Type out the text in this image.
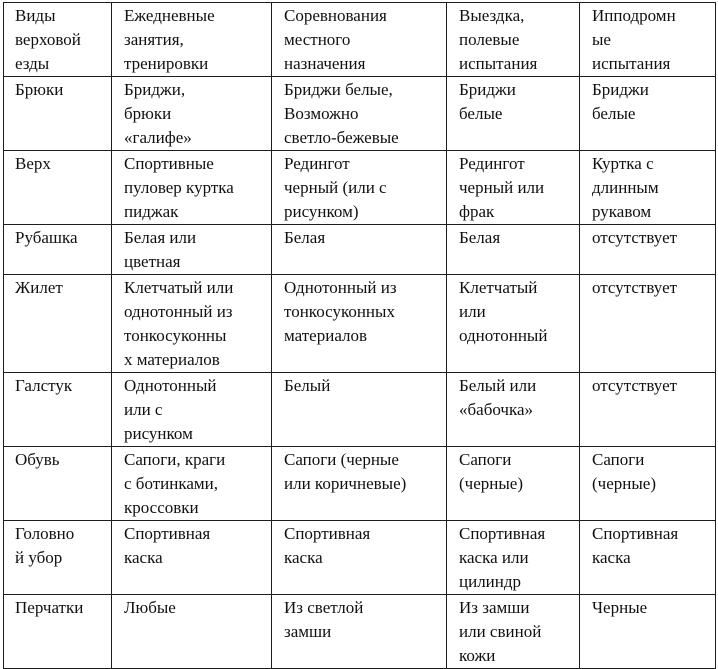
Виды
верховой
езды	Ежедневные
занятия,
тренировки	Соревнования
местного
назначения	Выездка,
полевые
испытания	Ипподромн
ые
испытания

Брюки	Бриджи,
брюки
«галифе»	Бриджи белые,
Возможно
светло-бежевые	Бриджи
белые	Бриджи
белые

Верх	Спортивные
пуловер куртка
пиджак	Редингот
черный (или с
рисунком)	Редингот
черный или
фрак	Куртка с
длинным
рукавом

Рубашка	Белая или
цветная	Белая	Белая	отсутствует

Жилет	Клетчатый или
однотонный из
тонкосуконны
х материалов	Однотонный из
тонкосуконных
материалов	Клетчатый
или
однотонный	отсутствует

Галстук	Однотонный
или с
рисунком	Белый	Белый или
«бабочка»	отсутствует

Обувь	Сапоги, краги
с ботинками,
кроссовки	Сапоги (черные
или коричневые)	Сапоги
(черные)	Сапоги
(черные)

Головно
й убор	Спортивная
каска	Спортивная
каска	Спортивная
каска или
цилиндр	Спортивная
каска

Перчатки	Любые	Из светлой
замши	Из замши
или свиной
кожи	Черные
